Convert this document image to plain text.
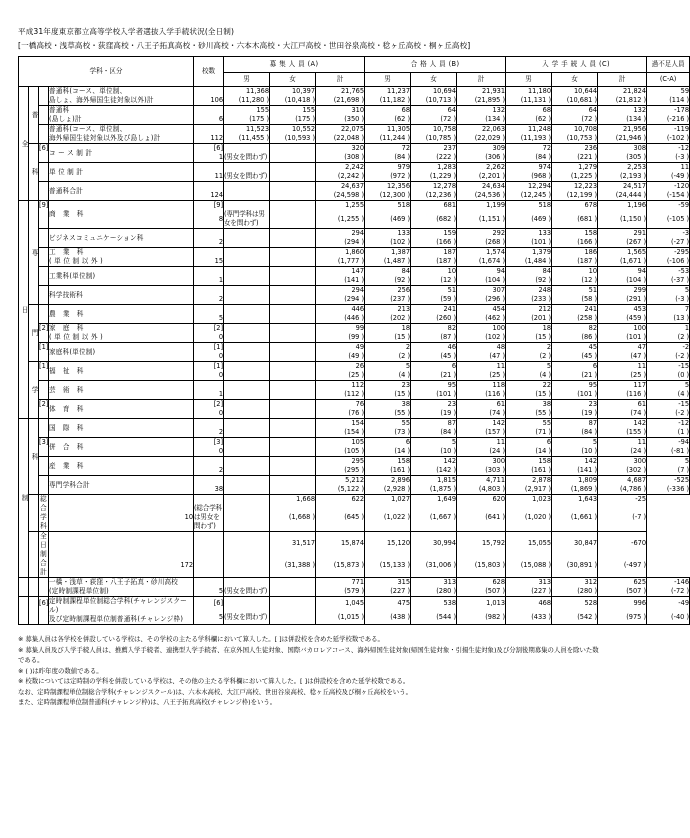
平成31年度東京都立高等学校入学者選抜入学手続状況(全日制)
[一橋高校・浅草高校・荻窪高校・八王子拓真高校・砂川高校・六本木高校・大江戸高校・世田谷泉高校・稔ヶ丘高校・桐ヶ丘高校]
学科・区分				校数	募 集 人 員 (A)			合 格 人 員 (B)			入 学 手 続 人 員 (C)			過不足人員
					男	女	計	男	女	計	男	女	計	(C-A)
全	普		普通科(コース、単位制、
島しょ、海外帰国生徒対象以外)計		11,368	10,397	21,765	11,237	10,694	21,931	11,180	10,644	21,824	59
				106	(11,280 )	(10,418 )	(21,698 )	(11,182 )	(10,713 )	(21,895 )	(11,131 )	(10,681 )	(21,812 )	(114 )

			普通科
(島しょ)計		155	155	310	68	64	132	68	64	132	-178
				6	(175 )	(175 )	(350 )	(62 )	(72 )	(134 )	(62 )	(72 )	(134 )	(-216 )

			普通科(コース、単位制、
海外帰国生徒対象以外及び島しょ)計		11,523	10,552	22,075	11,305	10,758	22,063	11,248	10,708	21,956	-119
				112	(11,455 )	(10,593 )	(22,048 )	(11,244 )	(10,785 )	(22,029 )	(11,193 )	(10,753 )	(21,946 )	(-102 )
	科	[6]	コ ー ス 制 計	[6]			320	72	237	309	72	236	308	-12
				1	(男女を問わず)		(308 )	(84 )	(222 )	(306 )	(84 )	(221 )	(305 )	(-3 )

			単 位 制 計				2,242	979	1,283	2,262	974	1,279	2,253	11
				11	(男女を問わず)		(2,242 )	(972 )	(1,229 )	(2,201 )	(968 )	(1,225 )	(2,193 )	(-49 )

			普通科合計				24,637	12,356	12,278	24,634	12,294	12,223	24,517	-120
				124			(24,598 )	(12,300 )	(12,236 )	(24,536 )	(12,245 )	(12,199 )	(24,444 )	(-154 )
日	専	[9]	商 業 科	[9]			1,255	518	681	1,199	518	678	1,196	-59
				8	(専門学科は男女を問わず)		(1,255 )	(469 )	(682 )	(1,151 )	(469 )	(681 )	(1,150 )	(-105 )

			ビジネスコミュニケーション科				294	133	159	292	133	158	291	-3
				2			(294 )	(102 )	(166 )	(268 )	(101 )	(166 )	(267 )	(-27 )

			工 業 科
(単位制以外)				1,860	1,387	187	1,574	1,379	186	1,565	-295
				15			(1,777 )	(1,487 )	(187 )	(1,674 )	(1,484 )	(187 )	(1,671 )	(-106 )

			工業科(単位制)				147	84	10	94	84	10	94	-53
				1			(141 )	(92 )	(12 )	(104 )	(92 )	(12 )	(104 )	(-37 )

			科学技術科				294	256	51	307	248	51	299	5
				2			(294 )	(237 )	(59 )	(296 )	(233 )	(58 )	(291 )	(-3 )
	門		農 業 科				446	213	241	454	212	241	453	7
				5			(446 )	(202 )	(260 )	(462 )	(201 )	(258 )	(459 )	(13 )
		[2]	家 庭 科
(単位制以外)	[2]			99	18	82	100	18	82	100	1
				0			(99 )	(15 )	(87 )	(102 )	(15 )	(86 )	(101 )	(2 )
		[1]	家庭科(単位制)	[1]			49	2	46	48	2	45	47	-2
				0			(49 )	(2 )	(45 )	(47 )	(2 )	(45 )	(47 )	(-2 )
	学	[1]	福 祉 科	[1]			26	5	6	11	5	6	11	-15
				0			(25 )	(4 )	(21 )	(25 )	(4 )	(21 )	(25 )	(0 )

			芸 術 科				112	23	95	118	22	95	117	5
				1			(112 )	(15 )	(101 )	(116 )	(15 )	(101 )	(116 )	(4 )
		[2]	体 育 科	[2]			76	38	23	61	38	23	61	-15
				0			(76 )	(55 )	(19 )	(74 )	(55 )	(19 )	(74 )	(-2 )
制	科		国 際 科				154	55	87	142	55	87	142	-12
				2			(154 )	(73 )	(84 )	(157 )	(71 )	(84 )	(155 )	(1 )
		[3]	併 合 科	[3]			105	6	5	11	6	5	11	-94
				0			(105 )	(14 )	(10 )	(24 )	(14 )	(10 )	(24 )	(-81 )

			産 業 科				295	158	142	300	158	142	300	5
				2			(295 )	(161 )	(142 )	(303 )	(161 )	(141 )	(302 )	(7 )

			専門学科合計				5,212	2,896	1,815	4,711	2,878	1,809	4,687	-525
				38			(5,122 )	(2,928 )	(1,875 )	(4,803 )	(2,917 )	(1,869 )	(4,786 )	(-336 )

		総 合 学 科				1,668	622	1,027	1,649	620	1,023	1,643	-25	
			10	(総合学科は男女を問わず)		(1,668 )	(645 )	(1,022 )	(1,667 )	(641 )	(1,020 )	(1,661 )	(-7 )	

		全 日 制 合 計				31,517	15,874	15,120	30,994	15,792	15,055	30,847	-670	
			172			(31,388 )	(15,873 )	(15,133 )	(31,006 )	(15,803 )	(15,088 )	(30,891 )	(-497 )	

			一橋・浅草・荻窪・八王子拓真・砂川高校
(定時制課程単位制)				771	315	313	628	313	312	625	-146
				5	(男女を問わず)		(579 )	(227 )	(280 )	(507 )	(227 )	(280 )	(507 )	(-72 )
		[6]	定時制課程単位制総合学科(チャレンジスクール)
及び定時制課程単位制普通科(チャレンジ枠)	[6]			1,045	475	538	1,013	468	528	996	-49
				5	(男女を問わず)		(1,015 )	(438 )	(544 )	(982 )	(433 )	(542 )	(975 )	(-40 )
※ 募集人員は各学校を併設している学校は、その学校の主たる学科欄において算入した。[ ]は併設校を含めた延学校数である。
※ 募集人員及び入学手続人員は、推薦入学手続者、連携型入学手続者、在京外国人生徒対象、国際バカロレアコース、海外帰国生徒対象(帰国生徒対象・引揚生徒対象)及び分割後期募集の人員を除いた数である。
※ ( )は昨年度の数値である。
※ 校数については定時制の学科を併設している学校は、その他の主たる学科欄において算入した。[ ]は併設校を含めた延学校数である。
なお、定時制課程単位制総合学科(チャレンジスクール)は、六本木高校、大江戸高校、世田谷泉高校、稔ヶ丘高校及び桐ヶ丘高校をいう。
また、定時制課程単位制普通科(チャレンジ枠)は、八王子拓真高校(チャレンジ枠)をいう。
